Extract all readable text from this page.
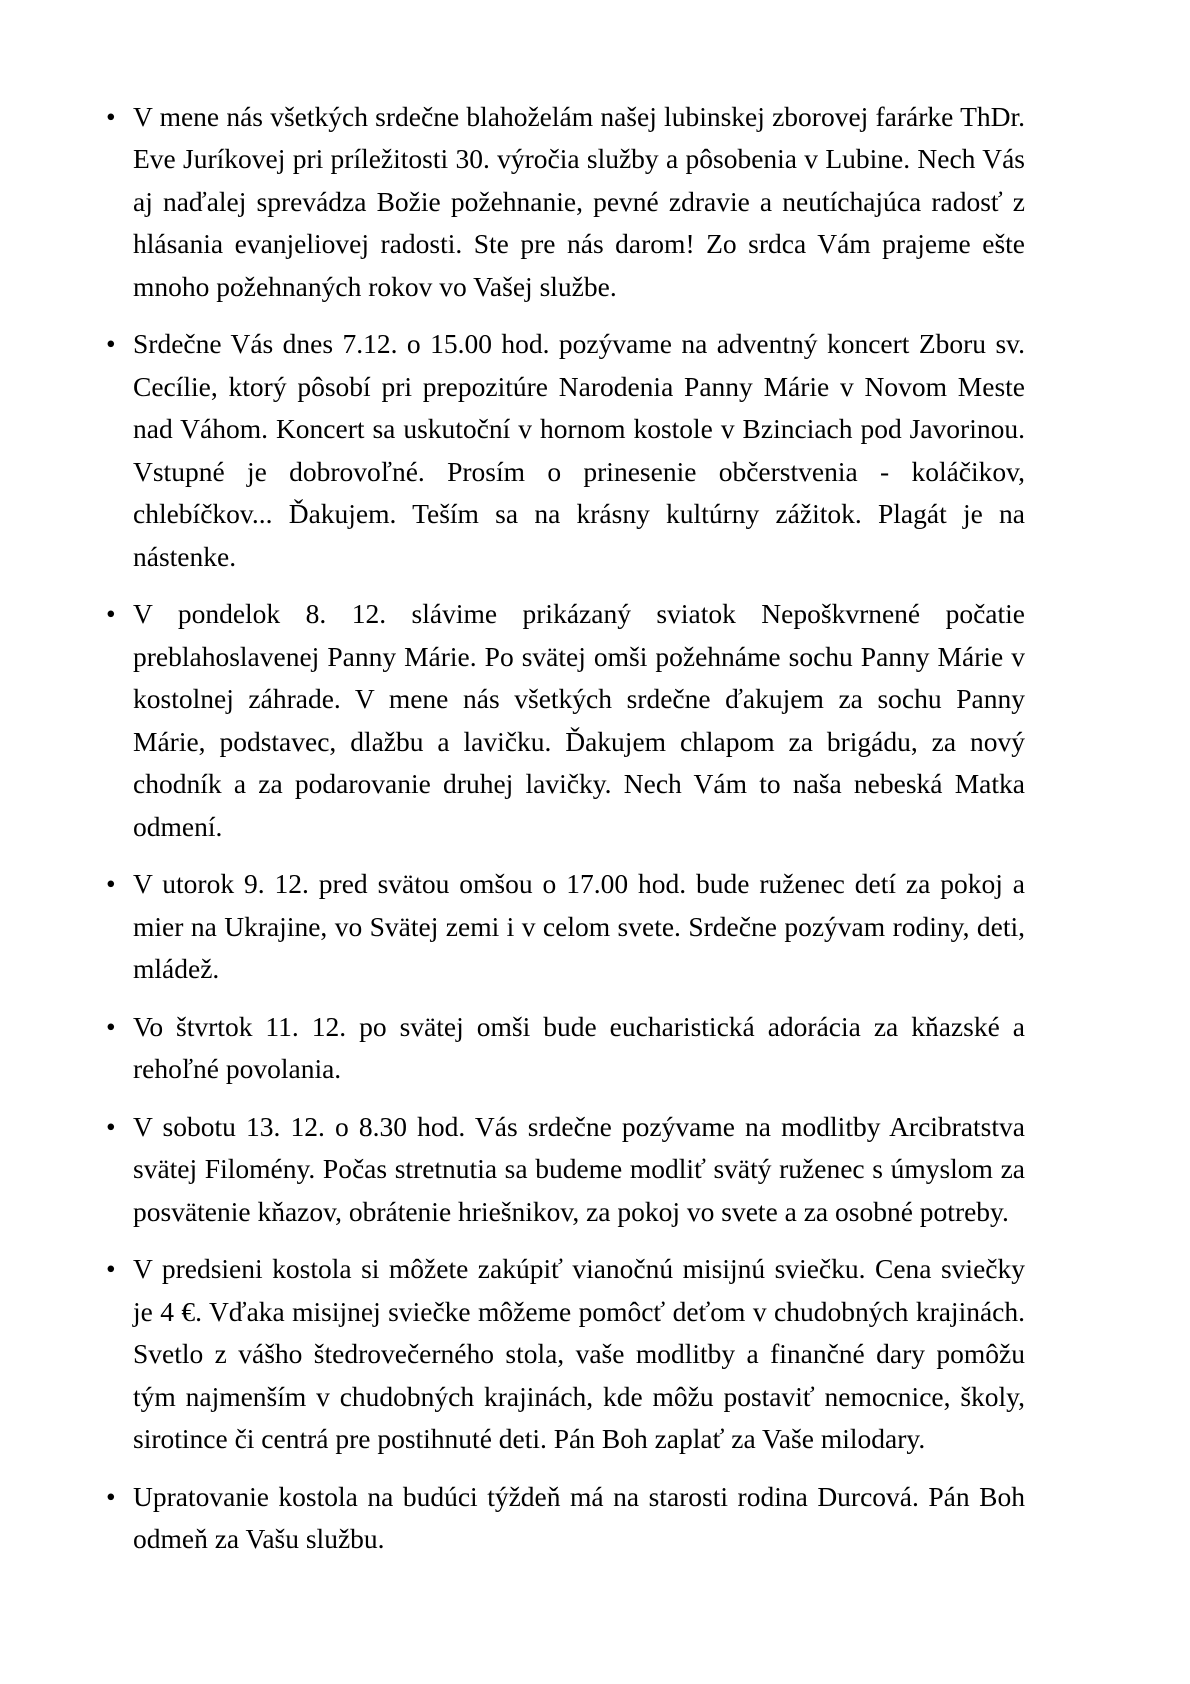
• V mene nás všetkých srdečne blahoželám našej lubinskej zborovej farárke ThDr. Eve Juríkovej pri príležitosti 30. výročia služby a pôsobenia v Lubine. Nech Vás aj naďalej sprevádza Božie požehnanie, pevné zdravie a neutíchajúca radosť z hlásania evanjeliovej radosti. Ste pre nás darom! Zo srdca Vám prajeme ešte mnoho požehnaných rokov vo Vašej službe.
• Srdečne Vás dnes 7.12. o 15.00 hod. pozývame na adventný koncert Zboru sv. Cecílie, ktorý pôsobí pri prepozitúre Narodenia Panny Márie v Novom Meste nad Váhom. Koncert sa uskutoční v hornom kostole v Bzinciach pod Javorinou. Vstupné je dobrovoľné. Prosím o prinesenie občerstvenia - koláčikov, chlebíčkov... Ďakujem. Teším sa na krásny kultúrny zážitok. Plagát je na nástenke.
• V pondelok 8. 12. slávime prikázaný sviatok Nepoškvrnené počatie preblahoslavenej Panny Márie. Po svätej omši požehnáme sochu Panny Márie v kostolnej záhrade. V mene nás všetkých srdečne ďakujem za sochu Panny Márie, podstavec, dlažbu a lavičku. Ďakujem chlapom za brigádu, za nový chodník a za podarovanie druhej lavičky. Nech Vám to naša nebeská Matka odmení.
• V utorok 9. 12. pred svätou omšou o 17.00 hod. bude ruženec detí za pokoj a mier na Ukrajine, vo Svätej zemi i v celom svete. Srdečne pozývam rodiny, deti, mládež.
• Vo štvrtok 11. 12. po svätej omši bude eucharistická adorácia za kňazské a rehoľné povolania.
• V sobotu 13. 12. o 8.30 hod. Vás srdečne pozývame na modlitby Arcibratstva svätej Filomény. Počas stretnutia sa budeme modliť svätý ruženec s úmyslom za posvätenie kňazov, obrátenie hriešnikov, za pokoj vo svete a za osobné potreby.
• V predsieni kostola si môžete zakúpiť vianočnú misijnú sviečku. Cena sviečky je 4 €. Vďaka misijnej sviečke môžeme pomôcť deťom v chudobných krajinách. Svetlo z vášho štedrovečerného stola, vaše modlitby a finančné dary pomôžu tým najmenším v chudobných krajinách, kde môžu postaviť nemocnice, školy, sirotince či centrá pre postihnuté deti. Pán Boh zaplať za Vaše milodary.
• Upratovanie kostola na budúci týždeň má na starosti rodina Durcová. Pán Boh odmeň za Vašu službu.
